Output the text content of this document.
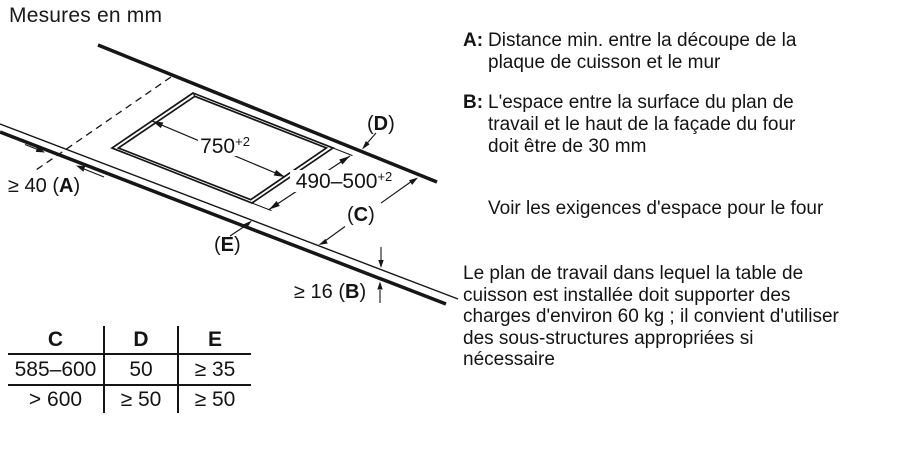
Mesures en mm
$750^{+2}$
$490-500^{+2}$
≥ 40 (A)
≥ 16 (B)
(C)
(D)
(E)
C	D	E
585–600	50	≥ 35
> 600	≥ 50	≥ 50
A: Distance min. entre la découpe de la
plaque de cuisson et le mur
B: L'espace entre la surface du plan de
travail et le haut de la façade du four
doit être de 30 mm
Voir les exigences d'espace pour le four
Le plan de travail dans lequel la table de
cuisson est installée doit supporter des
charges d'environ 60 kg ; il convient d'utiliser
des sous-structures appropriées si
nécessaire
